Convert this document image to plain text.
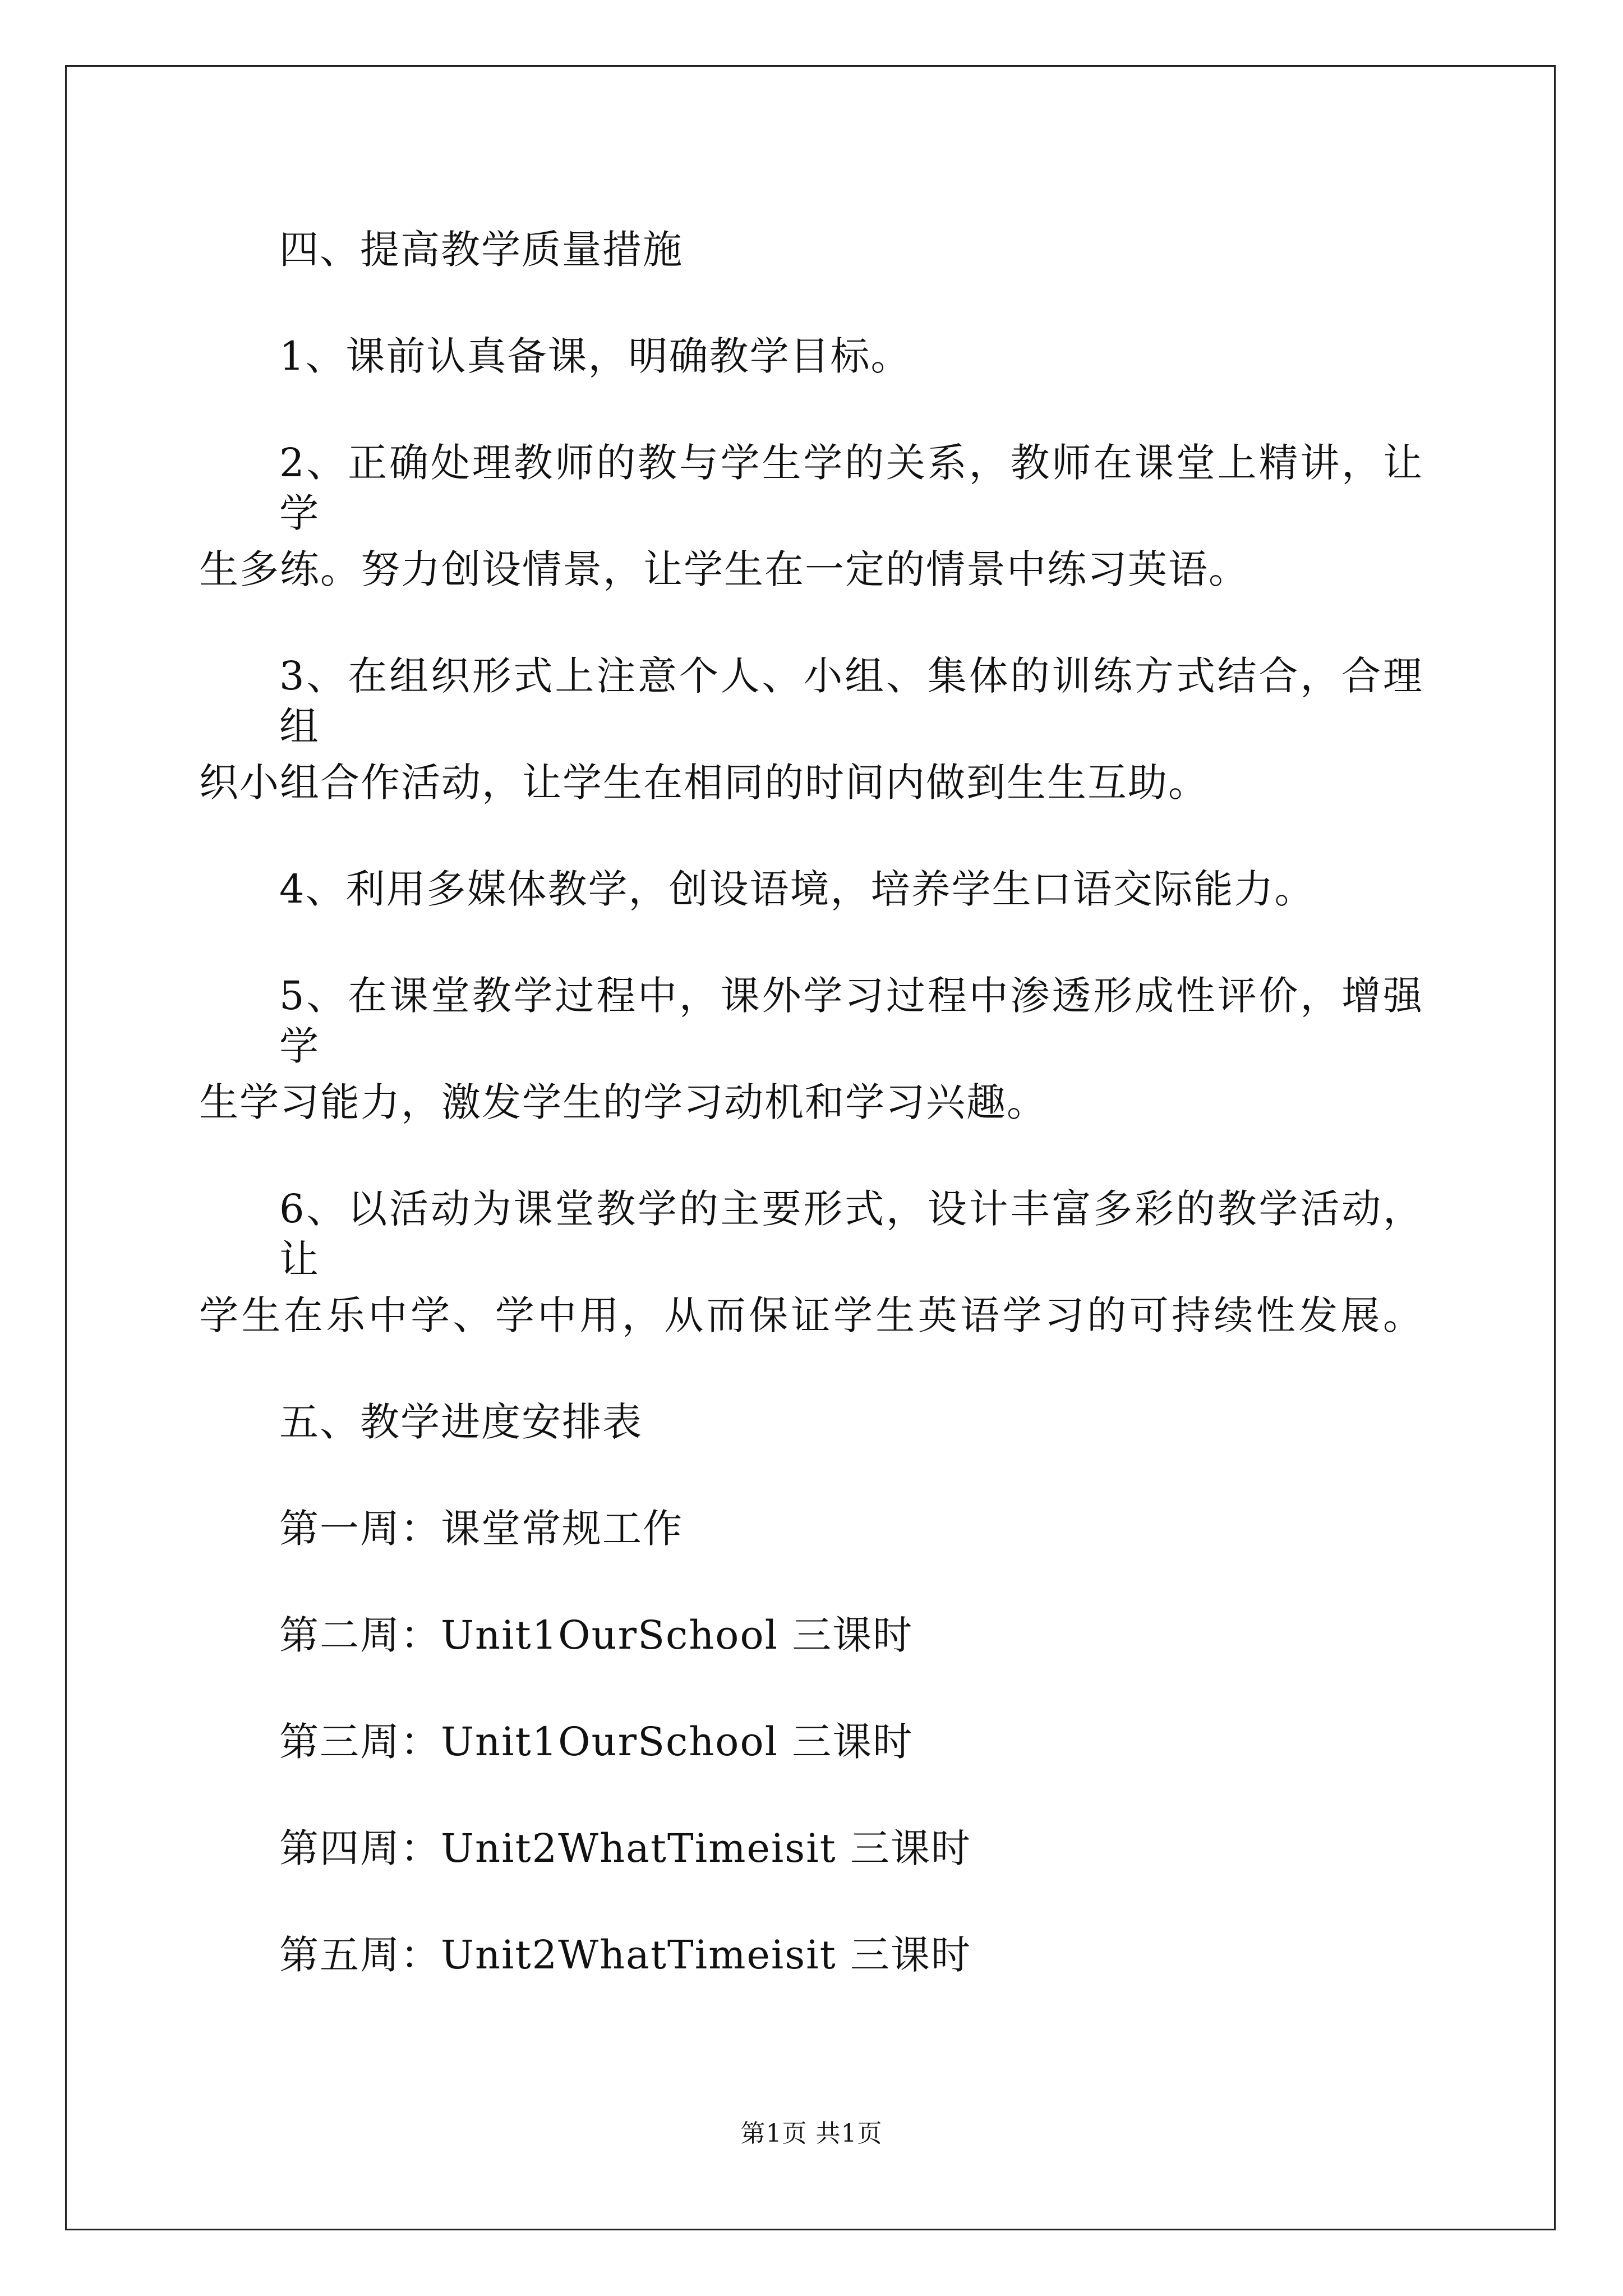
四、提高教学质量措施
1、课前认真备课，明确教学目标。
2、正确处理教师的教与学生学的关系，教师在课堂上精讲，让学
生多练。努力创设情景，让学生在一定的情景中练习英语。
3、在组织形式上注意个人、小组、集体的训练方式结合，合理组
织小组合作活动，让学生在相同的时间内做到生生互助。
4、利用多媒体教学，创设语境，培养学生口语交际能力。
5、在课堂教学过程中，课外学习过程中渗透形成性评价，增强学
生学习能力，激发学生的学习动机和学习兴趣。
6、以活动为课堂教学的主要形式，设计丰富多彩的教学活动，让
学生在乐中学、学中用，从而保证学生英语学习的可持续性发展。
五、教学进度安排表
第一周：课堂常规工作
第二周：Unit1OurSchool 三课时
第三周：Unit1OurSchool 三课时
第四周：Unit2WhatTimeisit 三课时
第五周：Unit2WhatTimeisit 三课时
第1页 共1页
